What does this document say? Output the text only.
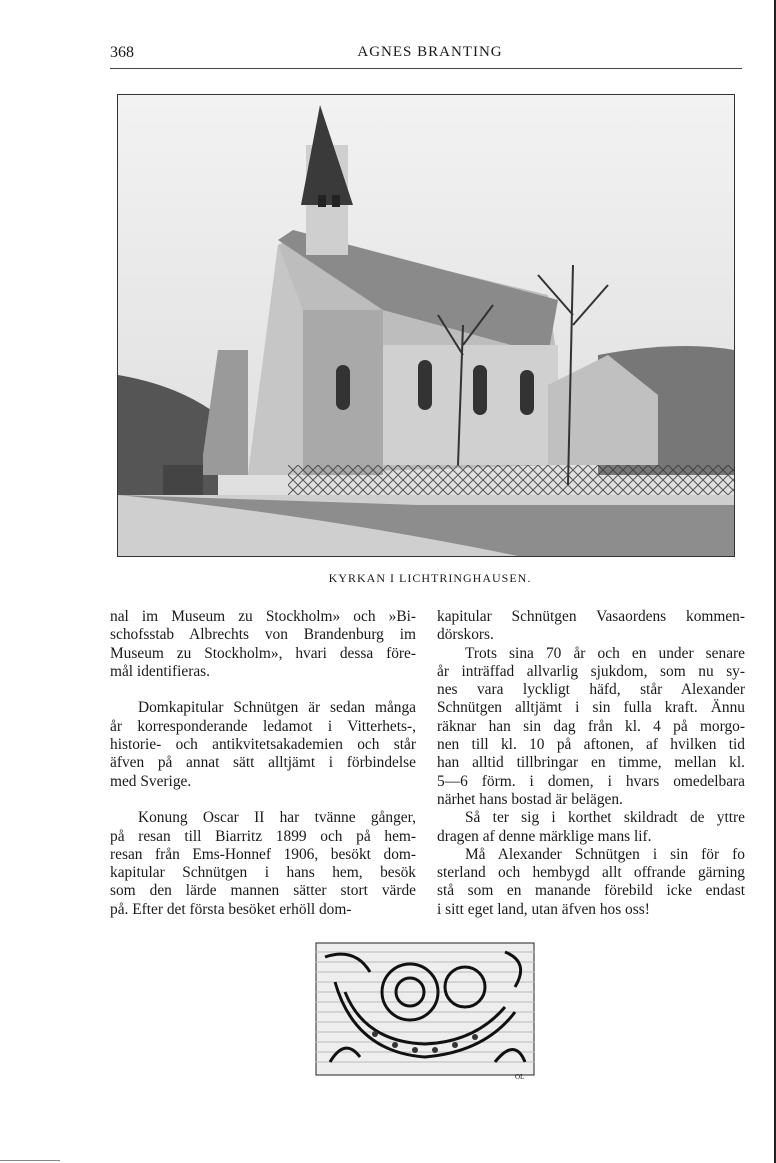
368	AGNES BRANTING
KYRKAN I LICHTRINGHAUSEN.
nal im Museum zu Stockholm» och »Bi-
schofsstab Albrechts von Brandenburg im
Museum zu Stockholm», hvari dessa före-
mål identifieras.
Domkapitular Schnütgen är sedan många
år korresponderande ledamot i Vitterhets-,
historie- och antikvitetsakademien och står
äfven på annat sätt alltjämt i förbindelse
med Sverige.
Konung Oscar II har tvänne gånger,
på resan till Biarritz 1899 och på hem-
resan från Ems-Honnef 1906, besökt dom-
kapitular Schnütgen i hans hem, besök
som den lärde mannen sätter stort värde
på. Efter det första besöket erhöll dom-
kapitular Schnütgen Vasaordens kommen-
dörskors.
Trots sina 70 år och en under senare
år inträffad allvarlig sjukdom, som nu sy-
nes vara lyckligt häfd, står Alexander
Schnütgen alltjämt i sin fulla kraft. Ännu
räknar han sin dag från kl. 4 på morgo-
nen till kl. 10 på aftonen, af hvilken tid
han alltid tillbringar en timme, mellan kl.
5—6 förm. i domen, i hvars omedelbara
närhet hans bostad är belägen.
Så ter sig i korthet skildradt de yttre
dragen af denne märklige mans lif.
Må Alexander Schnütgen i sin för fo
sterland och hembygd allt offrande gärning
stå som en manande förebild icke endast
i sitt eget land, utan äfven hos oss!
OL
